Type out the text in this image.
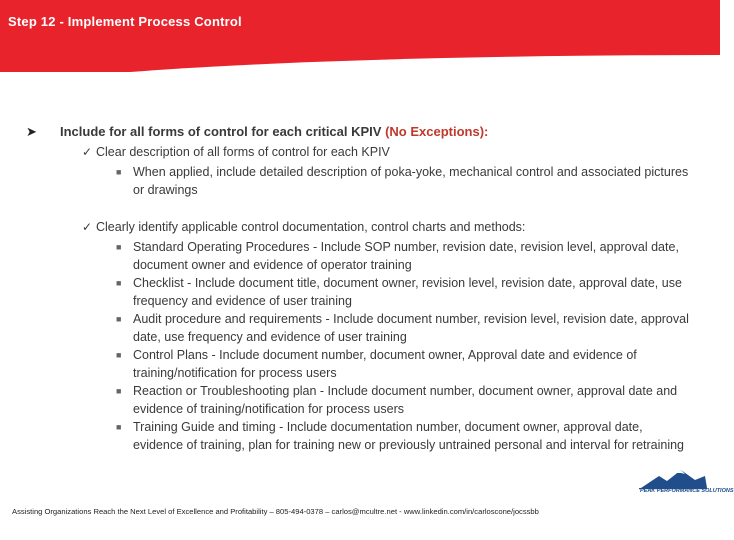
Step 12 - Implement Process Control
➤ Include for all forms of control for each critical KPIV (No Exceptions):
✓ Clear description of all forms of control for each KPIV
■ When applied, include detailed description of poka-yoke, mechanical control and associated pictures or drawings
✓ Clearly identify applicable control documentation, control charts and methods:
■ Standard Operating Procedures - Include SOP number, revision date, revision level, approval date, document owner and evidence of operator training
■ Checklist - Include document title, document owner, revision level, revision date, approval date, use frequency and evidence of user training
■ Audit procedure and requirements - Include document number, revision level, revision date, approval date, use frequency and evidence of user training
■ Control Plans - Include document number, document owner, Approval date and evidence of training/notification for process users
■ Reaction or Troubleshooting plan - Include document number, document owner, approval date and evidence of training/notification for process users
■ Training Guide and timing - Include documentation number, document owner, approval date, evidence of training, plan for training new or previously untrained personal and interval for retraining
PEAK PERFORMANCE SOLUTIONS
Assisting Organizations Reach the Next Level of Excellence and Profitability – 805-494-0378 – carlos@mcultre.net - www.linkedin.com/in/carloscone/jocssbb
